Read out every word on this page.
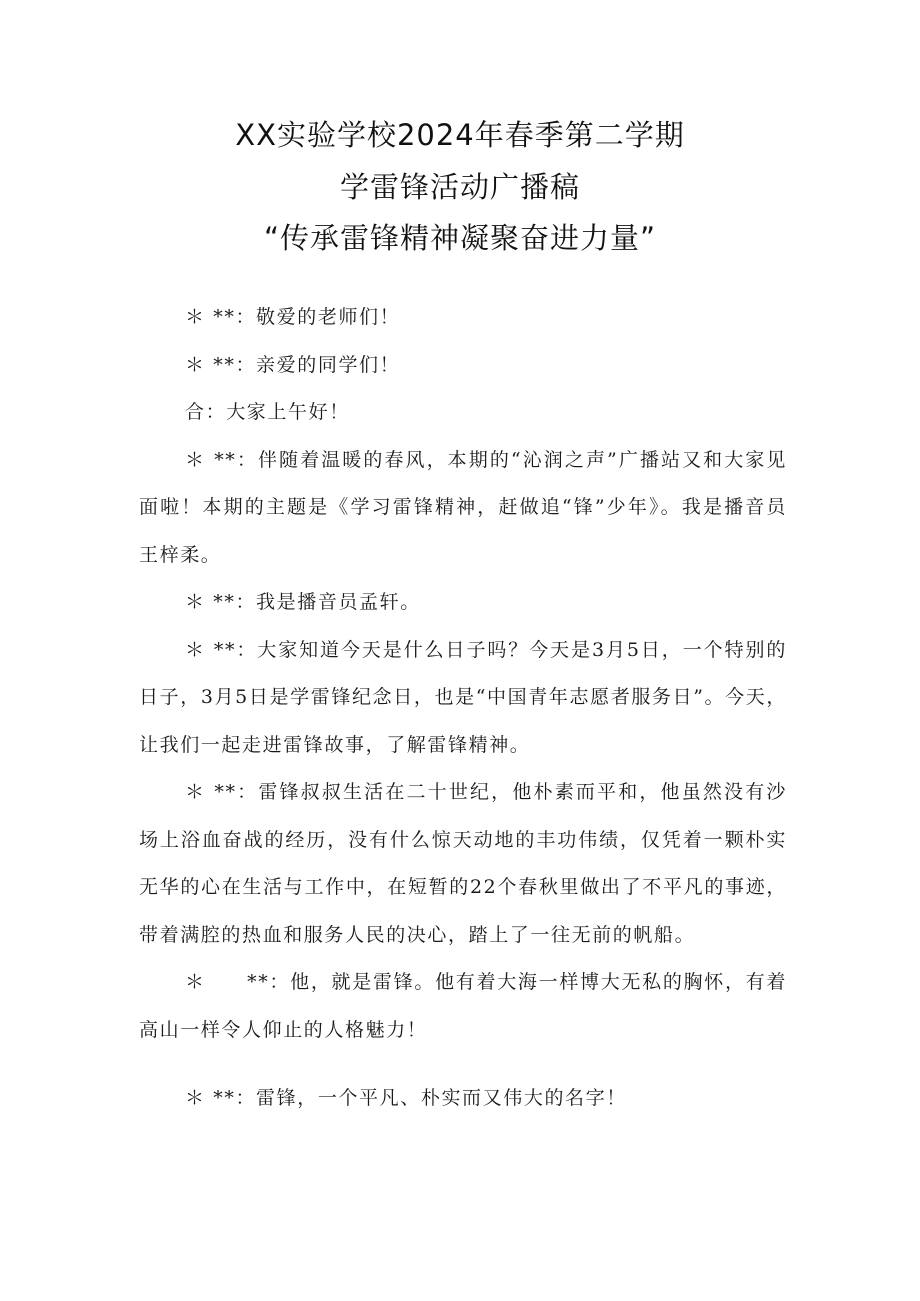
XX实验学校2024年春季第二学期
学雷锋活动广播稿
“传承雷锋精神凝聚奋进力量”

＊ **：敬爱的老师们！

＊ **：亲爱的同学们！

合：大家上午好！

＊ **：伴随着温暖的春风，本期的“沁润之声”广播站又和大家见面啦！本期的主题是《学习雷锋精神，赶做追“锋”少年》。我是播音员王梓柔。

＊ **：我是播音员孟轩。

＊ **：大家知道今天是什么日子吗？今天是3月5日，一个特别的日子，3月5日是学雷锋纪念日，也是“中国青年志愿者服务日”。今天，让我们一起走进雷锋故事，了解雷锋精神。

＊ **：雷锋叔叔生活在二十世纪，他朴素而平和，他虽然没有沙场上浴血奋战的经历，没有什么惊天动地的丰功伟绩，仅凭着一颗朴实无华的心在生活与工作中，在短暂的22个春秋里做出了不平凡的事迹，带着满腔的热血和服务人民的决心，踏上了一往无前的帆船。

＊　　**：他，就是雷锋。他有着大海一样博大无私的胸怀，有着高山一样令人仰止的人格魅力！

＊ **：雷锋，一个平凡、朴实而又伟大的名字！
